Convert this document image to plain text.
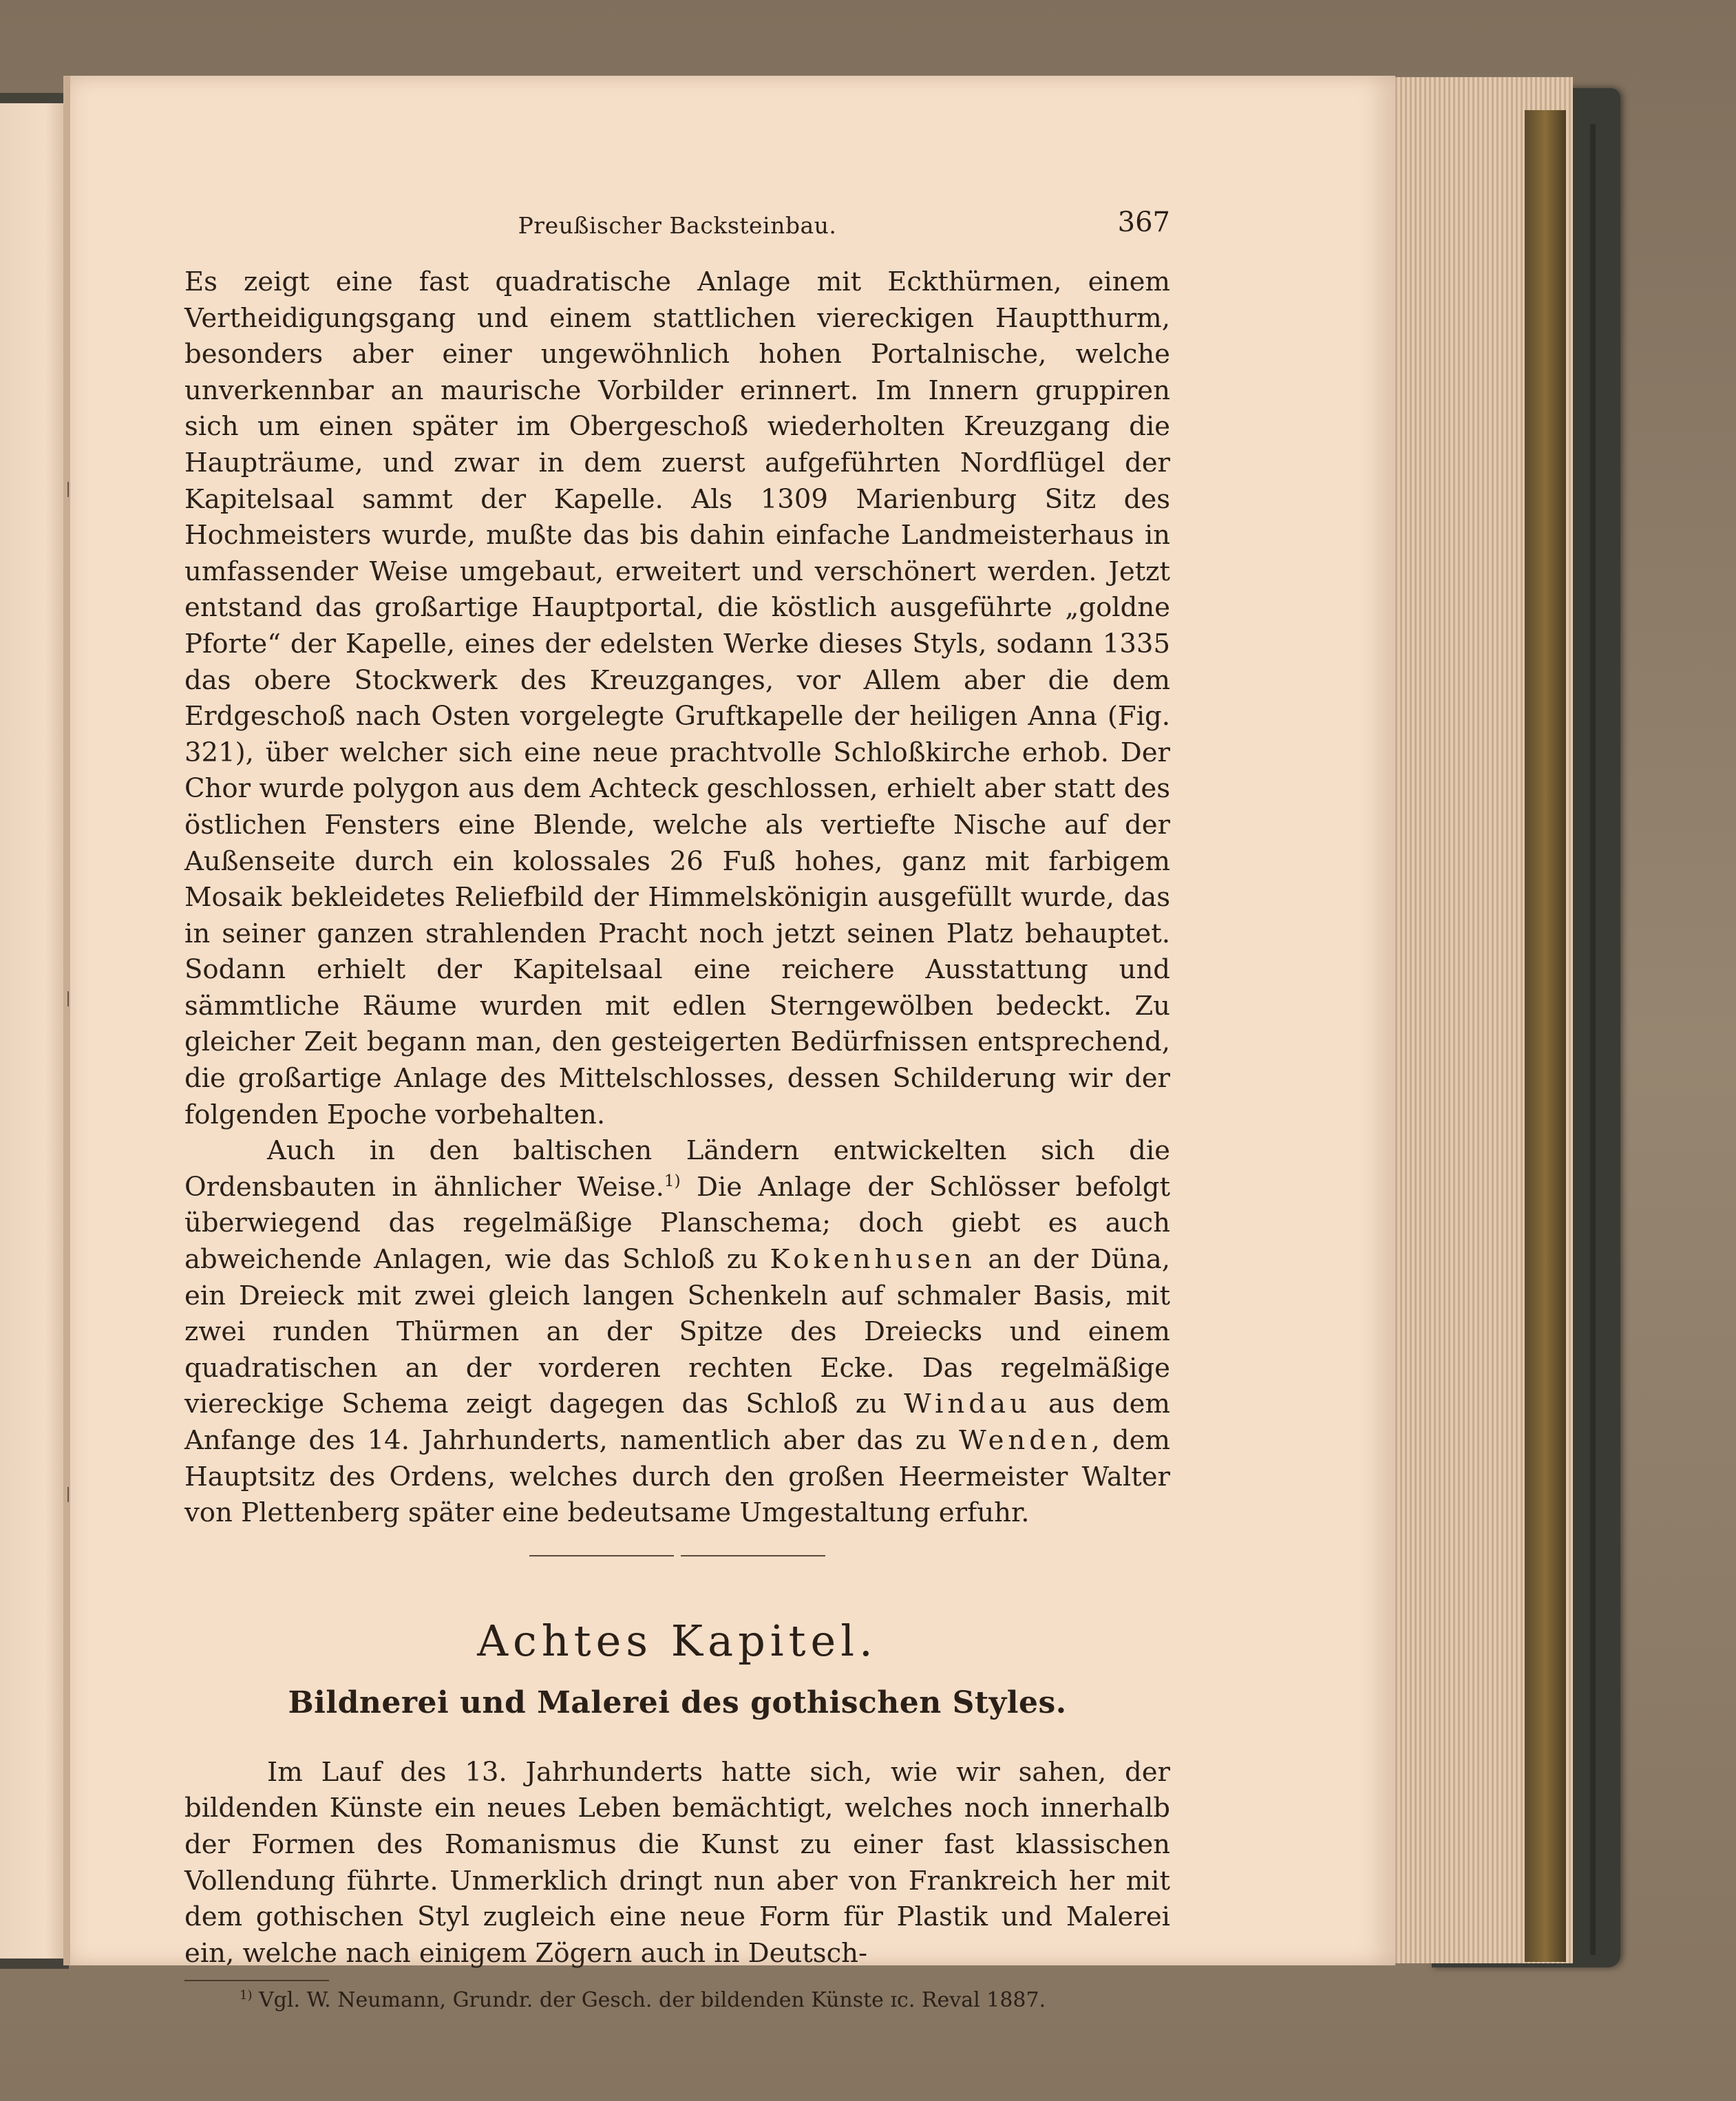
Preußischer Backsteinbau.	367

Es zeigt eine fast quadratische Anlage mit Eckthürmen, einem Vertheidigungsgang und einem stattlichen viereckigen Hauptthurm, besonders aber einer ungewöhnlich hohen Portalnische, welche unverkennbar an maurische Vorbilder erinnert. Im Innern gruppiren sich um einen später im Obergeschoß wiederholten Kreuzgang die Haupträume, und zwar in dem zuerst aufgeführten Nordflügel der Kapitelsaal sammt der Kapelle. Als 1309 Marienburg Sitz des Hochmeisters wurde, mußte das bis dahin einfache Landmeisterhaus in umfassender Weise umgebaut, erweitert und verschönert werden. Jetzt entstand das großartige Hauptportal, die köstlich ausgeführte „goldne Pforte“ der Kapelle, eines der edelsten Werke dieses Styls, sodann 1335 das obere Stockwerk des Kreuzganges, vor Allem aber die dem Erdgeschoß nach Osten vorgelegte Gruftkapelle der heiligen Anna (Fig. 321), über welcher sich eine neue prachtvolle Schloßkirche erhob. Der Chor wurde polygon aus dem Achteck geschlossen, erhielt aber statt des östlichen Fensters eine Blende, welche als vertiefte Nische auf der Außenseite durch ein kolossales 26 Fuß hohes, ganz mit farbigem Mosaik bekleidetes Reliefbild der Himmelskönigin ausgefüllt wurde, das in seiner ganzen strahlenden Pracht noch jetzt seinen Platz behauptet. Sodann erhielt der Kapitelsaal eine reichere Ausstattung und sämmtliche Räume wurden mit edlen Sterngewölben bedeckt. Zu gleicher Zeit begann man, den gesteigerten Bedürfnissen entsprechend, die großartige Anlage des Mittelschlosses, dessen Schilderung wir der folgenden Epoche vorbehalten.

Auch in den baltischen Ländern entwickelten sich die Ordensbauten in ähnlicher Weise.$^{1)}$ Die Anlage der Schlösser befolgt überwiegend das regelmäßige Planschema; doch giebt es auch abweichende Anlagen, wie das Schloß zu Kokenhusen an der Düna, ein Dreieck mit zwei gleich langen Schenkeln auf schmaler Basis, mit zwei runden Thürmen an der Spitze des Dreiecks und einem quadratischen an der vorderen rechten Ecke. Das regelmäßige viereckige Schema zeigt dagegen das Schloß zu Windau aus dem Anfange des 14. Jahrhunderts, namentlich aber das zu Wenden, dem Hauptsitz des Ordens, welches durch den großen Heermeister Walter von Plettenberg später eine bedeutsame Umgestaltung erfuhr.

Achtes Kapitel.
Bildnerei und Malerei des gothischen Styles.

Im Lauf des 13. Jahrhunderts hatte sich, wie wir sahen, der bildenden Künste ein neues Leben bemächtigt, welches noch innerhalb der Formen des Romanismus die Kunst zu einer fast klassischen Vollendung führte. Unmerklich dringt nun aber von Frankreich her mit dem gothischen Styl zugleich eine neue Form für Plastik und Malerei ein, welche nach einigem Zögern auch in Deutsch-

$^{1)}$ Vgl. W. Neumann, Grundr. der Gesch. der bildenden Künste ɪc. Reval 1887.
